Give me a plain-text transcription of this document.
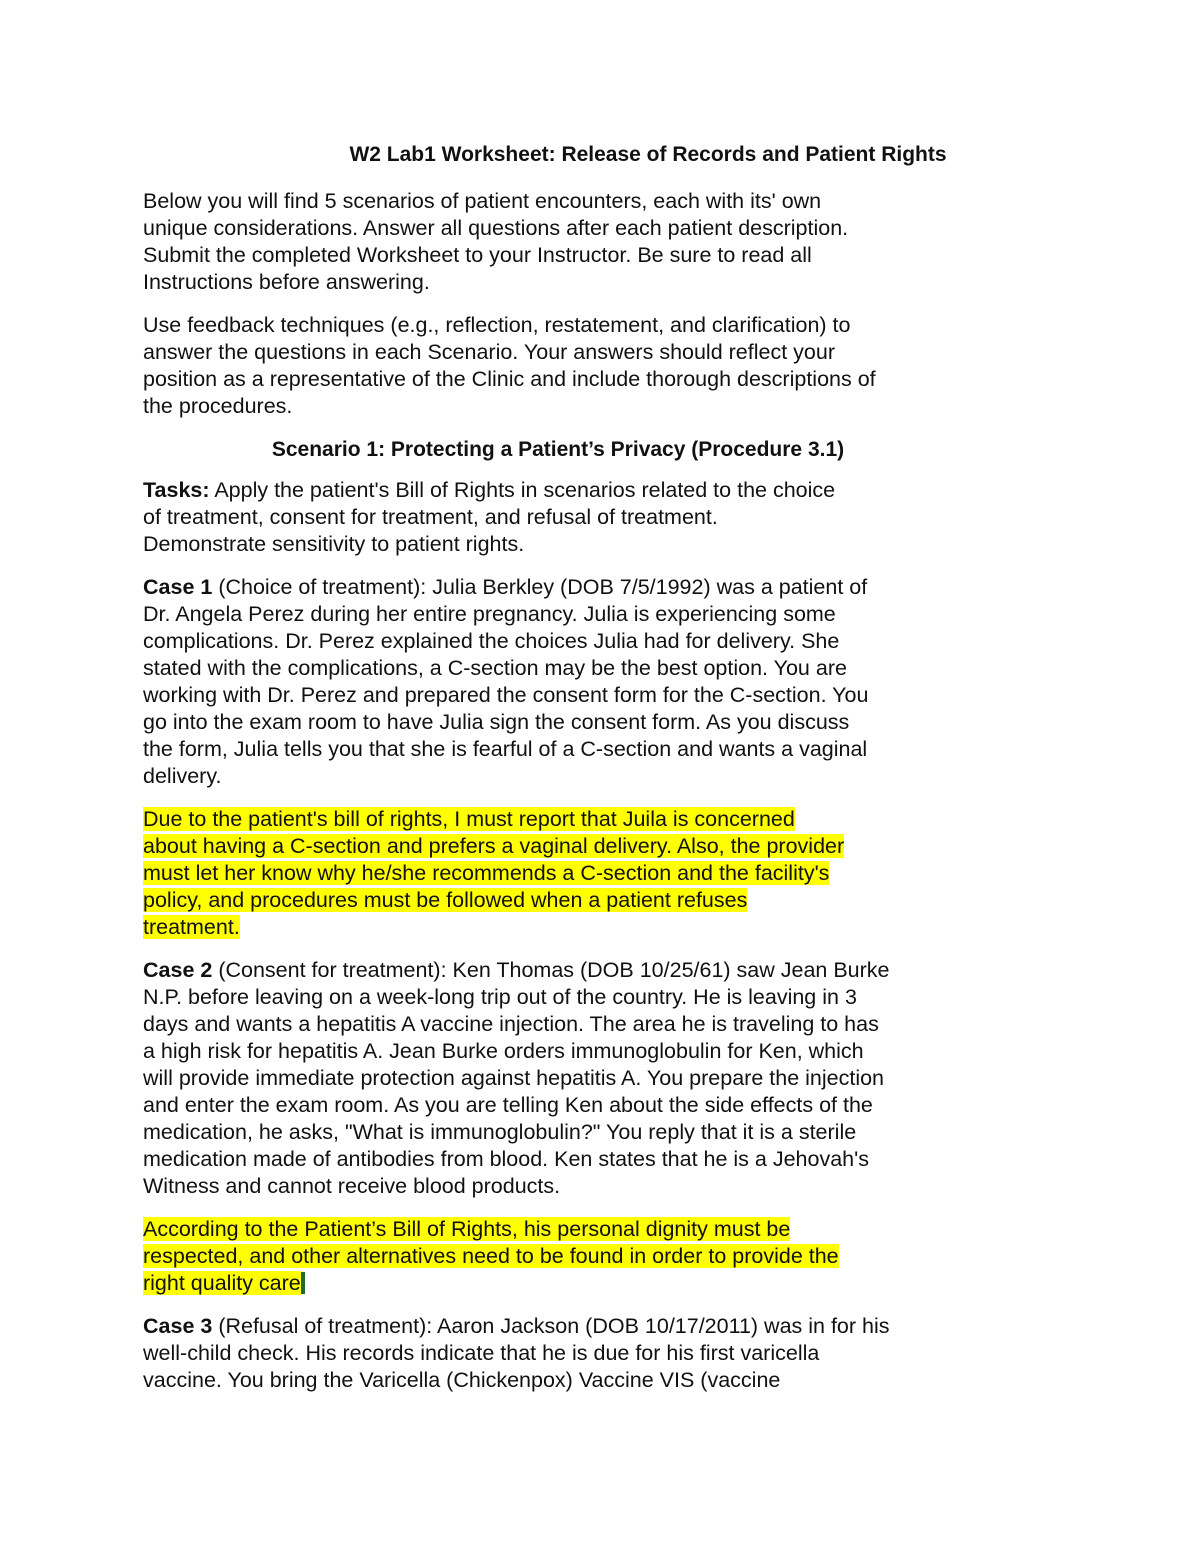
W2 Lab1 Worksheet: Release of Records and Patient Rights

Below you will find 5 scenarios of patient encounters, each with its' own
unique considerations. Answer all questions after each patient description.
Submit the completed Worksheet to your Instructor. Be sure to read all
Instructions before answering.

Use feedback techniques (e.g., reflection, restatement, and clarification) to
answer the questions in each Scenario. Your answers should reflect your
position as a representative of the Clinic and include thorough descriptions of
the procedures.

Scenario 1: Protecting a Patient’s Privacy (Procedure 3.1)

Tasks: Apply the patient's Bill of Rights in scenarios related to the choice
of treatment, consent for treatment, and refusal of treatment.
Demonstrate sensitivity to patient rights.

Case 1 (Choice of treatment): Julia Berkley (DOB 7/5/1992) was a patient of
Dr. Angela Perez during her entire pregnancy. Julia is experiencing some
complications. Dr. Perez explained the choices Julia had for delivery. She
stated with the complications, a C-section may be the best option. You are
working with Dr. Perez and prepared the consent form for the C-section. You
go into the exam room to have Julia sign the consent form. As you discuss
the form, Julia tells you that she is fearful of a C-section and wants a vaginal
delivery.

Due to the patient's bill of rights, I must report that Juila is concerned
about having a C-section and prefers a vaginal delivery. Also, the provider
must let her know why he/she recommends a C-section and the facility's
policy, and procedures must be followed when a patient refuses
treatment.

Case 2 (Consent for treatment): Ken Thomas (DOB 10/25/61) saw Jean Burke
N.P. before leaving on a week-long trip out of the country. He is leaving in 3
days and wants a hepatitis A vaccine injection. The area he is traveling to has
a high risk for hepatitis A. Jean Burke orders immunoglobulin for Ken, which
will provide immediate protection against hepatitis A. You prepare the injection
and enter the exam room. As you are telling Ken about the side effects of the
medication, he asks, "What is immunoglobulin?" You reply that it is a sterile
medication made of antibodies from blood. Ken states that he is a Jehovah's
Witness and cannot receive blood products.

According to the Patient’s Bill of Rights, his personal dignity must be
respected, and other alternatives need to be found in order to provide the
right quality care

Case 3 (Refusal of treatment): Aaron Jackson (DOB 10/17/2011) was in for his
well-child check. His records indicate that he is due for his first varicella
vaccine. You bring the Varicella (Chickenpox) Vaccine VIS (vaccine
